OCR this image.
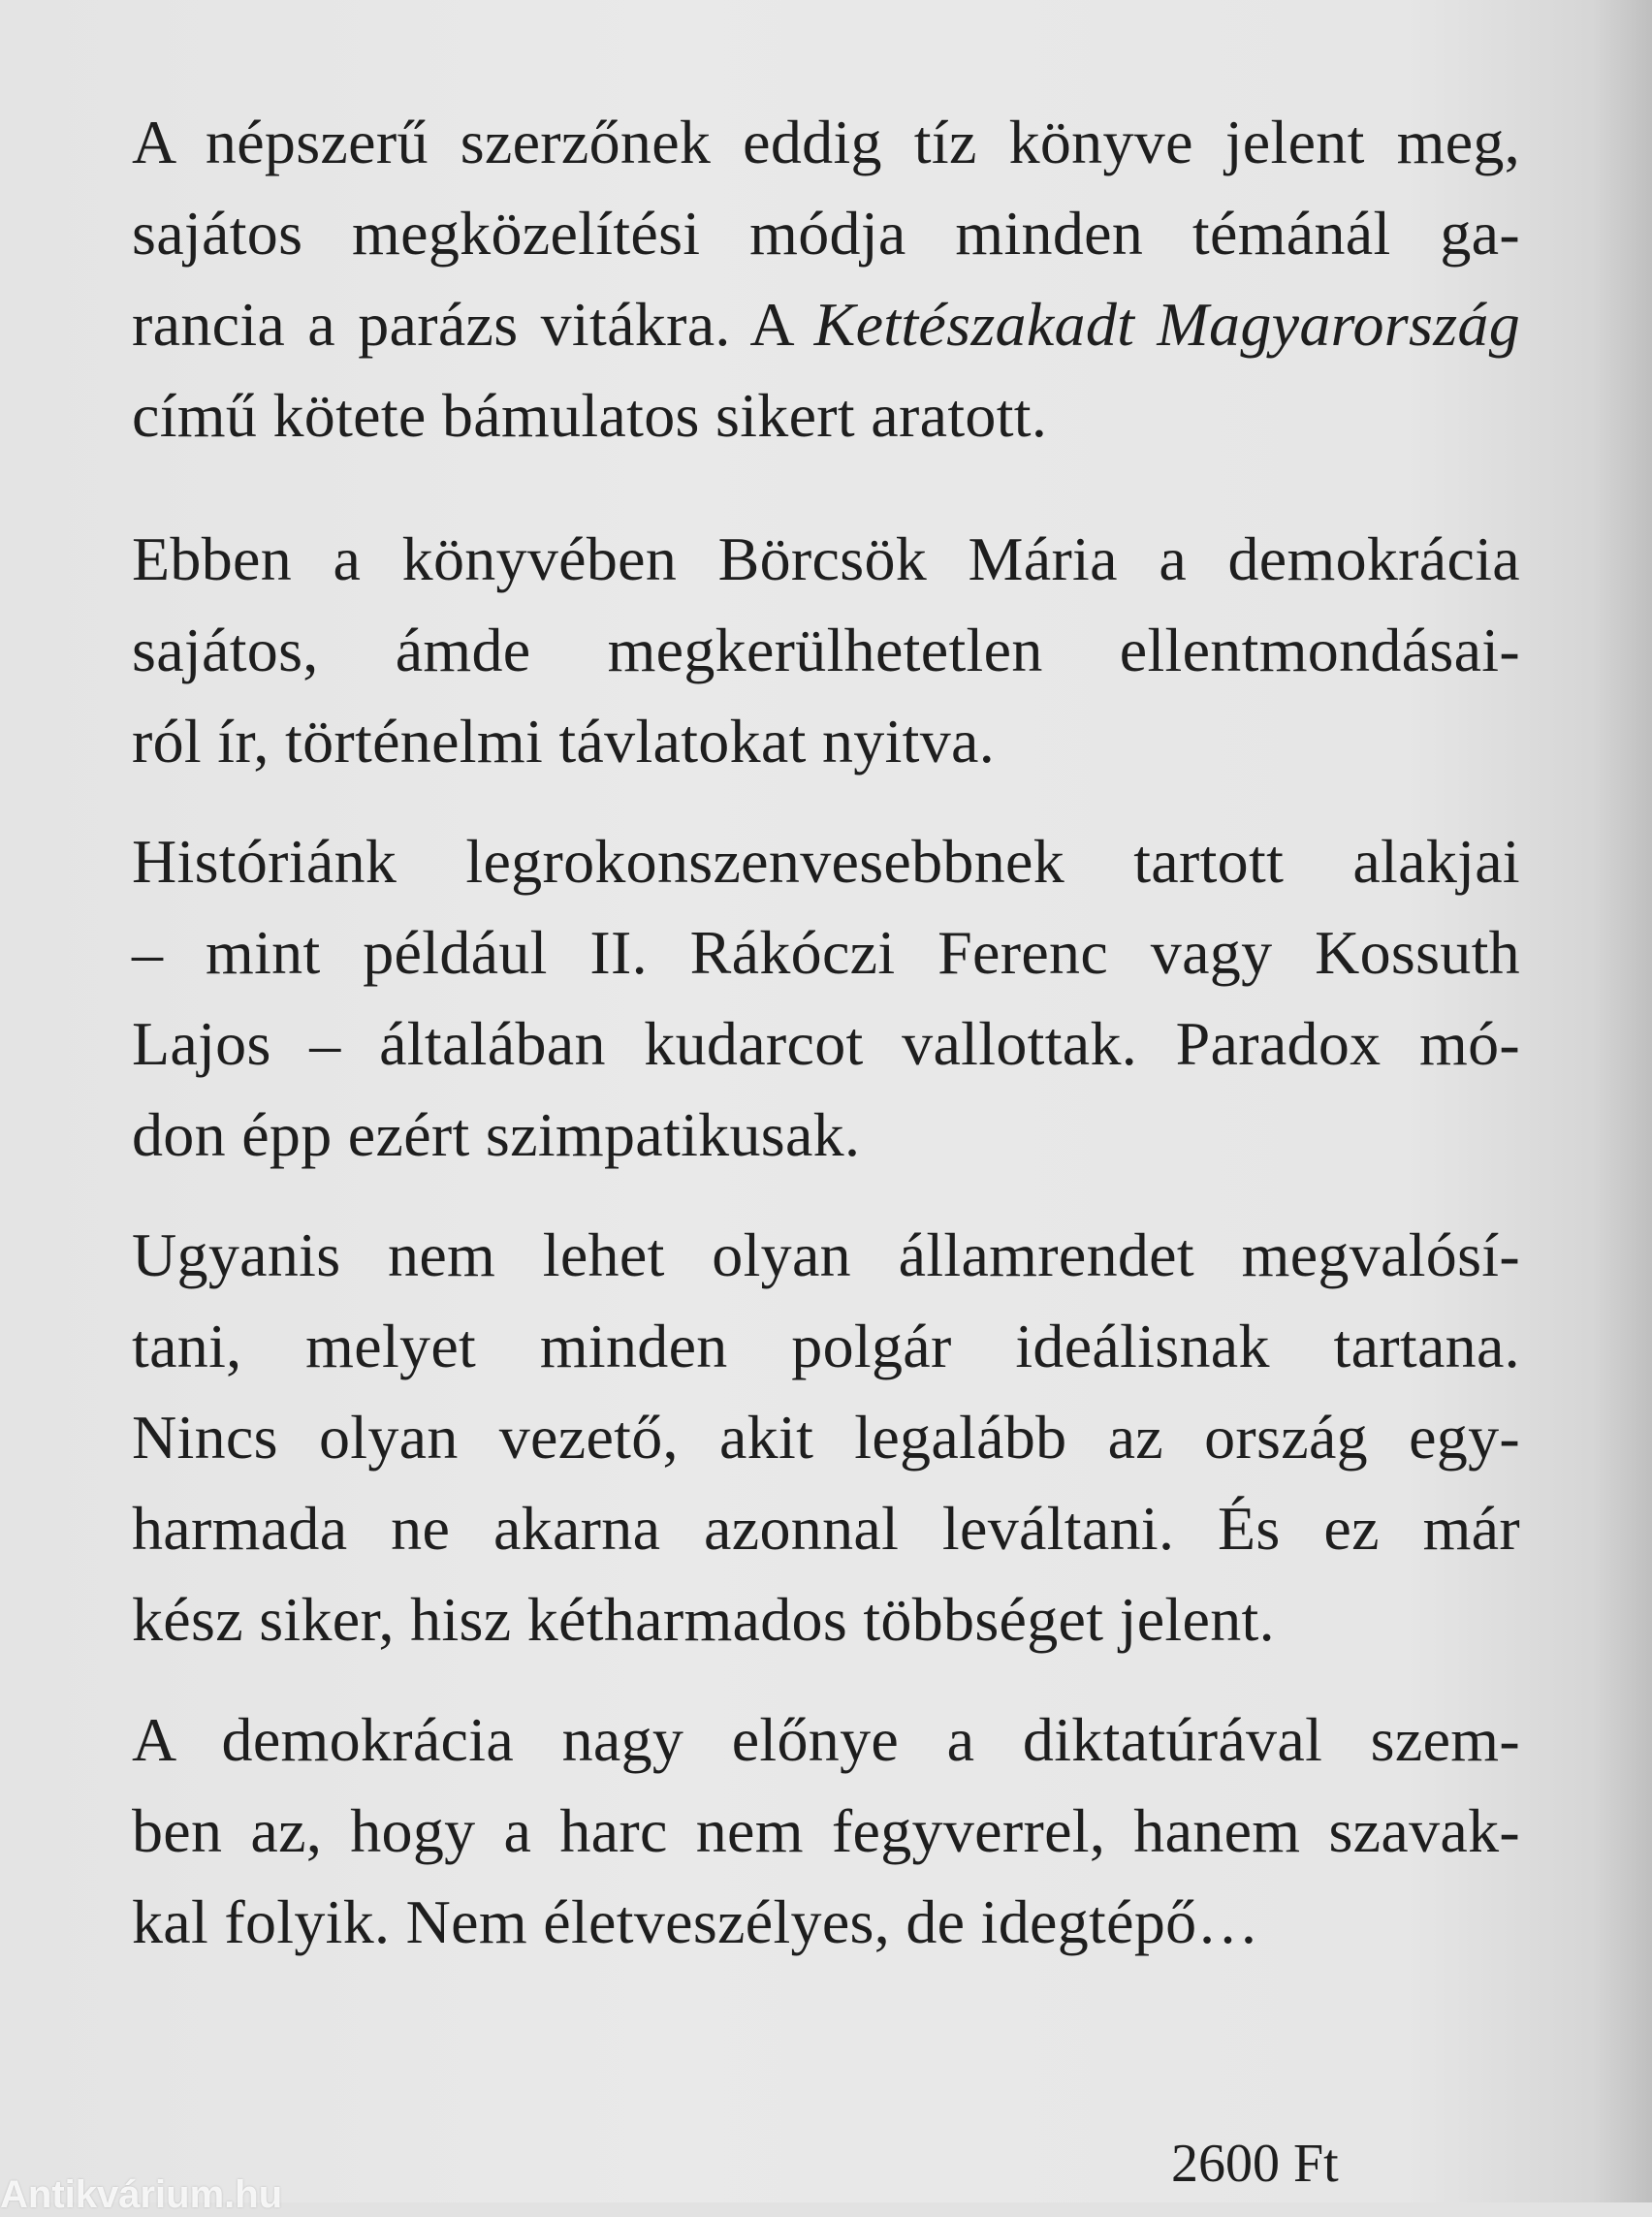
A népszerű szerzőnek eddig tíz könyve jelent meg,
sajátos megközelítési módja minden témánál ga-
rancia a parázs vitákra. A Kettészakadt Magyarország
című kötete bámulatos sikert aratott.
Ebben a könyvében Börcsök Mária a demokrácia
sajátos, ámde megkerülhetetlen ellentmondásai-
ról ír, történelmi távlatokat nyitva.
Históriánk legrokonszenvesebbnek tartott alakjai
– mint például II. Rákóczi Ferenc vagy Kossuth
Lajos – általában kudarcot vallottak. Paradox mó-
don épp ezért szimpatikusak.
Ugyanis nem lehet olyan államrendet megvalósí-
tani, melyet minden polgár ideálisnak tartana.
Nincs olyan vezető, akit legalább az ország egy-
harmada ne akarna azonnal leváltani. És ez már
kész siker, hisz kétharmados többséget jelent.
A demokrácia nagy előnye a diktatúrával szem-
ben az, hogy a harc nem fegyverrel, hanem szavak-
kal folyik. Nem életveszélyes, de idegtépő…
2600 Ft
Antikvárium.hu
